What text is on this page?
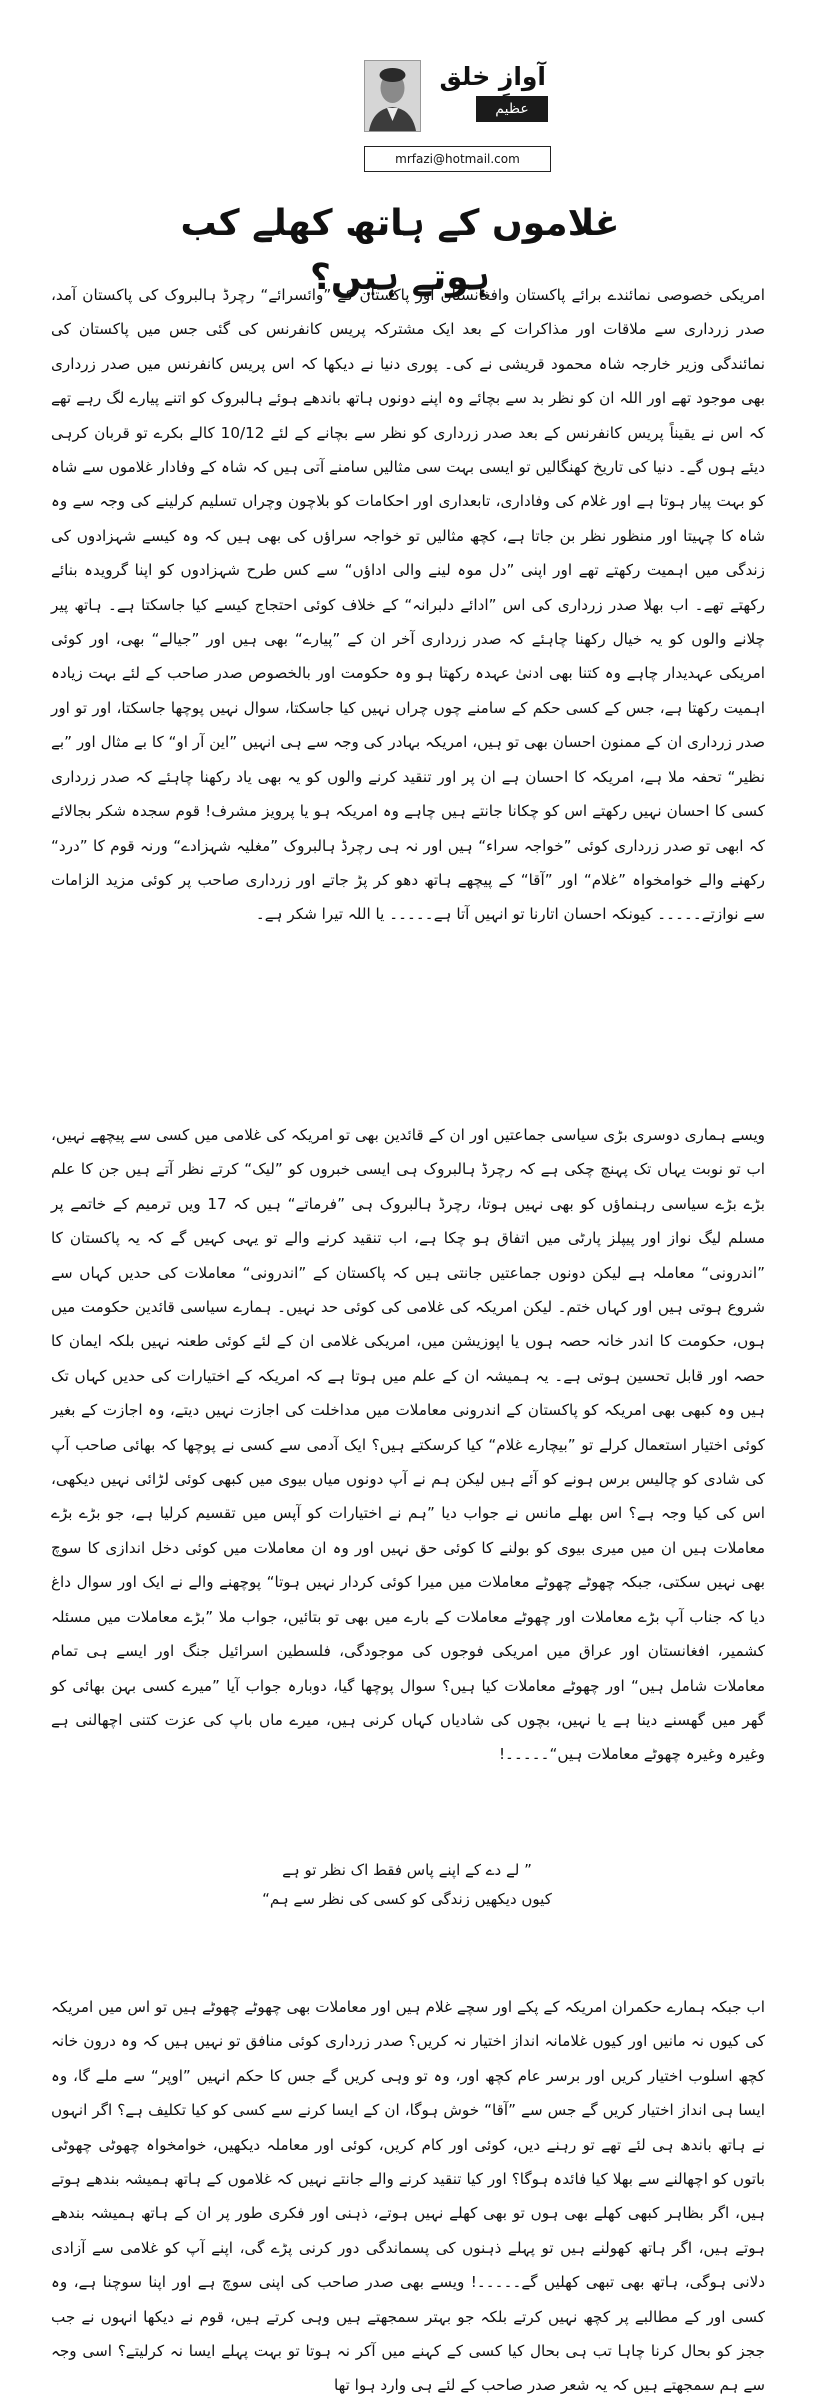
آوازِ خلق
عظیم فیضی
mrfazi@hotmail.com
غلاموں کے ہاتھ کھلے کب ہوتے ہیں؟
امریکی خصوصی نمائندے برائے پاکستان وافغانستان اور پاکستان کے ”وائسرائے“ رچرڈ ہالبروک کی پاکستان آمد، صدر زرداری سے ملاقات اور مذاکرات کے بعد ایک مشترکہ پریس کانفرنس کی گئی جس میں پاکستان کی نمائندگی وزیر خارجہ شاہ محمود قریشی نے کی۔ پوری دنیا نے دیکھا کہ اس پریس کانفرنس میں صدر زرداری بھی موجود تھے اور اللہ ان کو نظر بد سے بچائے وہ اپنے دونوں ہاتھ باندھے ہوئے ہالبروک کو اتنے پیارے لگ رہے تھے کہ اس نے یقیناً پریس کانفرنس کے بعد صدر زرداری کو نظر سے بچانے کے لئے 10/12 کالے بکرے تو قربان کرہی دیئے ہوں گے۔ دنیا کی تاریخ کھنگالیں تو ایسی بہت سی مثالیں سامنے آتی ہیں کہ شاہ کے وفادار غلاموں سے شاہ کو بہت پیار ہوتا ہے اور غلام کی وفاداری، تابعداری اور احکامات کو بلاچون وچراں تسلیم کرلینے کی وجہ سے وہ شاہ کا چہیتا اور منظور نظر بن جاتا ہے، کچھ مثالیں تو خواجہ سراؤں کی بھی ہیں کہ وہ کیسے شہزادوں کی زندگی میں اہمیت رکھتے تھے اور اپنی ”دل موہ لینے والی اداؤں“ سے کس طرح شہزادوں کو اپنا گرویدہ بنائے رکھتے تھے۔ اب بھلا صدر زرداری کی اس ”ادائے دلبرانہ“ کے خلاف کوئی احتجاج کیسے کیا جاسکتا ہے۔ ہاتھ پیر چلانے والوں کو یہ خیال رکھنا چاہئے کہ صدر زرداری آخر ان کے ”پیارے“ بھی ہیں اور ”جیالے“ بھی، اور کوئی امریکی عہدیدار چاہے وہ کتنا بھی ادنیٰ عہدہ رکھتا ہو وہ حکومت اور بالخصوص صدر صاحب کے لئے بہت زیادہ اہمیت رکھتا ہے، جس کے کسی حکم کے سامنے چوں چراں نہیں کیا جاسکتا، سوال نہیں پوچھا جاسکتا، اور تو اور صدر زرداری ان کے ممنون احسان بھی تو ہیں، امریکہ بہادر کی وجہ سے ہی انہیں ”این آر او“ کا بے مثال اور ”بے نظیر“ تحفہ ملا ہے، امریکہ کا احسان ہے ان پر اور تنقید کرنے والوں کو یہ بھی یاد رکھنا چاہئے کہ صدر زرداری کسی کا احسان نہیں رکھتے اس کو چکانا جانتے ہیں چاہے وہ امریکہ ہو یا پرویز مشرف! قوم سجدہ شکر بجالائے کہ ابھی تو صدر زرداری کوئی ”خواجہ سراء“ ہیں اور نہ ہی رچرڈ ہالبروک ”مغلیہ شہزادے“ ورنہ قوم کا ”درد“ رکھنے والے خوامخواہ ”غلام“ اور ”آقا“ کے پیچھے ہاتھ دھو کر پڑ جاتے اور زرداری صاحب پر کوئی مزید الزامات سے نوازتے۔۔۔۔۔ کیونکہ احسان اتارنا تو انہیں آتا ہے۔۔۔۔۔ یا اللہ تیرا شکر ہے۔
ویسے ہماری دوسری بڑی سیاسی جماعتیں اور ان کے قائدین بھی تو امریکہ کی غلامی میں کسی سے پیچھے نہیں، اب تو نوبت یہاں تک پہنچ چکی ہے کہ رچرڈ ہالبروک ہی ایسی خبروں کو ”لیک“ کرتے نظر آتے ہیں جن کا علم بڑے بڑے سیاسی رہنماؤں کو بھی نہیں ہوتا، رچرڈ ہالبروک ہی ”فرماتے“ ہیں کہ 17 ویں ترمیم کے خاتمے پر مسلم لیگ نواز اور پیپلز پارٹی میں اتفاق ہو چکا ہے، اب تنقید کرنے والے تو یہی کہیں گے کہ یہ پاکستان کا ”اندرونی“ معاملہ ہے لیکن دونوں جماعتیں جانتی ہیں کہ پاکستان کے ”اندرونی“ معاملات کی حدیں کہاں سے شروع ہوتی ہیں اور کہاں ختم۔ لیکن امریکہ کی غلامی کی کوئی حد نہیں۔ ہمارے سیاسی قائدین حکومت میں ہوں، حکومت کا اندر خانہ حصہ ہوں یا اپوزیشن میں، امریکی غلامی ان کے لئے کوئی طعنہ نہیں بلکہ ایمان کا حصہ اور قابل تحسین ہوتی ہے۔ یہ ہمیشہ ان کے علم میں ہوتا ہے کہ امریکہ کے اختیارات کی حدیں کہاں تک ہیں وہ کبھی بھی امریکہ کو پاکستان کے اندرونی معاملات میں مداخلت کی اجازت نہیں دیتے، وہ اجازت کے بغیر کوئی اختیار استعمال کرلے تو ”بیچارے غلام“ کیا کرسکتے ہیں؟ ایک آدمی سے کسی نے پوچھا کہ بھائی صاحب آپ کی شادی کو چالیس برس ہونے کو آئے ہیں لیکن ہم نے آپ دونوں میاں بیوی میں کبھی کوئی لڑائی نہیں دیکھی، اس کی کیا وجہ ہے؟ اس بھلے مانس نے جواب دیا ”ہم نے اختیارات کو آپس میں تقسیم کرلیا ہے، جو بڑے بڑے معاملات ہیں ان میں میری بیوی کو بولنے کا کوئی حق نہیں اور وہ ان معاملات میں کوئی دخل اندازی کا سوچ بھی نہیں سکتی، جبکہ چھوٹے چھوٹے معاملات میں میرا کوئی کردار نہیں ہوتا“ پوچھنے والے نے ایک اور سوال داغ دیا کہ جناب آپ بڑے معاملات اور چھوٹے معاملات کے بارے میں بھی تو بتائیں، جواب ملا ”بڑے معاملات میں مسئلہ کشمیر، افغانستان اور عراق میں امریکی فوجوں کی موجودگی، فلسطین اسرائیل جنگ اور ایسے ہی تمام معاملات شامل ہیں“ اور چھوٹے معاملات کیا ہیں؟ سوال پوچھا گیا، دوبارہ جواب آیا ”میرے کسی بہن بھائی کو گھر میں گھسنے دینا ہے یا نہیں، بچوں کی شادیاں کہاں کرنی ہیں، میرے ماں باپ کی عزت کتنی اچھالنی ہے وغیرہ وغیرہ چھوٹے معاملات ہیں“۔۔۔۔۔!
اب جبکہ ہمارے حکمران امریکہ کے پکے اور سچے غلام ہیں اور معاملات بھی چھوٹے چھوٹے ہیں تو اس میں امریکہ کی کیوں نہ مانیں اور کیوں غلامانہ انداز اختیار نہ کریں؟ صدر زرداری کوئی منافق تو نہیں ہیں کہ وہ درون خانہ کچھ اسلوب اختیار کریں اور برسر عام کچھ اور، وہ تو وہی کریں گے جس کا حکم انہیں ”اوپر“ سے ملے گا، وہ ایسا ہی انداز اختیار کریں گے جس سے ”آقا“ خوش ہوگا، ان کے ایسا کرنے سے کسی کو کیا تکلیف ہے؟ اگر انہوں نے ہاتھ باندھ ہی لئے تھے تو رہنے دیں، کوئی اور کام کریں، کوئی اور معاملہ دیکھیں، خوامخواہ چھوٹی چھوٹی باتوں کو اچھالنے سے بھلا کیا فائدہ ہوگا؟ اور کیا تنقید کرنے والے جانتے نہیں کہ غلاموں کے ہاتھ ہمیشہ بندھے ہوتے ہیں، اگر بظاہر کبھی کھلے بھی ہوں تو بھی کھلے نہیں ہوتے، ذہنی اور فکری طور پر ان کے ہاتھ ہمیشہ بندھے ہوتے ہیں، اگر ہاتھ کھولنے ہیں تو پہلے ذہنوں کی پسماندگی دور کرنی پڑے گی، اپنے آپ کو غلامی سے آزادی دلانی ہوگی، ہاتھ بھی تبھی کھلیں گے۔۔۔۔۔! ویسے بھی صدر صاحب کی اپنی سوچ ہے اور اپنا سوچنا ہے، وہ کسی اور کے مطالبے پر کچھ نہیں کرتے بلکہ جو بہتر سمجھتے ہیں وہی کرتے ہیں، قوم نے دیکھا انہوں نے جب ججز کو بحال کرنا چاہا تب ہی بحال کیا کسی کے کہنے میں آکر نہ ہوتا تو بہت پہلے ایسا نہ کرلیتے؟ اسی وجہ سے ہم سمجھتے ہیں کہ یہ شعر صدر صاحب کے لئے ہی وارد ہوا تھا
” لے دے کے اپنے پاس فقط اک نظر تو ہے
کیوں دیکھیں زندگی کو کسی کی نظر سے ہم“
